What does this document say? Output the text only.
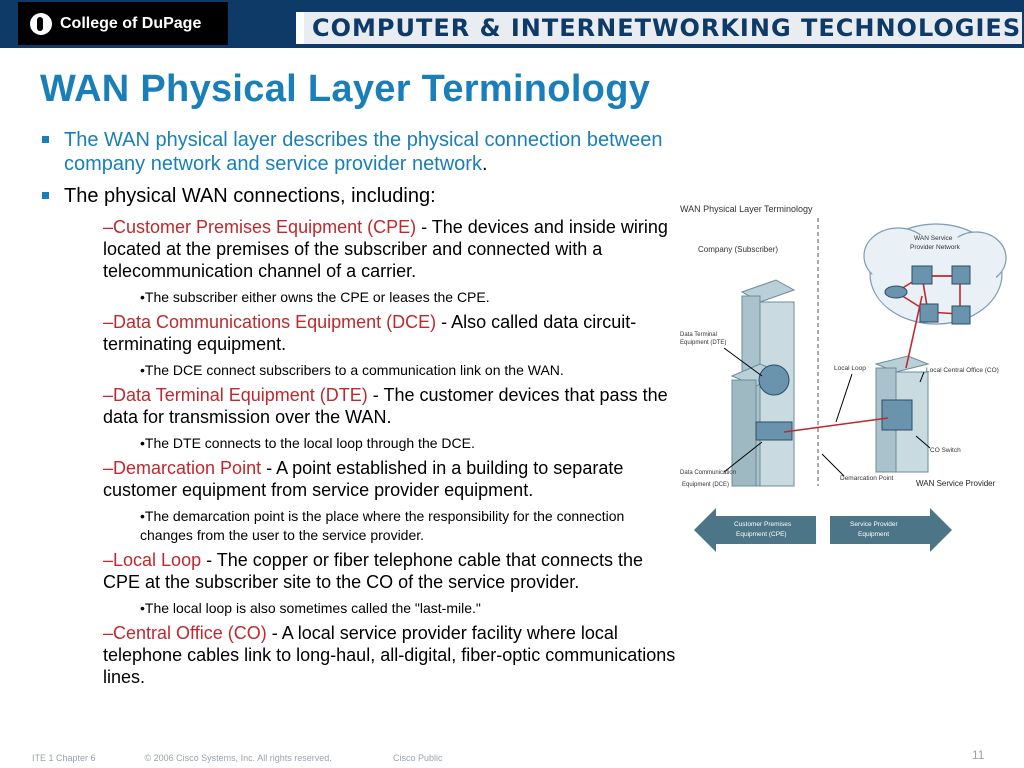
College of DuPage	COMPUTER & INTERNETWORKING TECHNOLOGIES
WAN Physical Layer Terminology
The WAN physical layer describes the physical connection between company network and service provider network.
The physical WAN connections, including:
–Customer Premises Equipment (CPE) - The devices and inside wiring located at the premises of the subscriber and connected with a telecommunication channel of a carrier.
•The subscriber either owns the CPE or leases the CPE.
–Data Communications Equipment (DCE) - Also called data circuit-terminating equipment.
•The DCE connect subscribers to a communication link on the WAN.
–Data Terminal Equipment (DTE) - The customer devices that pass the data for transmission over the WAN.
•The DTE connects to the local loop through the DCE.
–Demarcation Point - A point established in a building to separate customer equipment from service provider equipment.
•The demarcation point is the place where the responsibility for the connection changes from the user to the service provider.
–Local Loop - The copper or fiber telephone cable that connects the CPE at the subscriber site to the CO of the service provider.
•The local loop is also sometimes called the "last-mile."
–Central Office (CO) - A local service provider facility where local telephone cables link to long-haul, all-digital, fiber-optic communications lines.
WAN Physical Layer Terminology
Company (Subscriber)
WAN Service
Provider Network
Data Terminal
Equipment (DTE)
Local Loop	Local Central Office (CO)
CO Switch
Data Communication
Equipment (DCE)
Demarcation Point
WAN Service Provider
Customer Premises
Equipment (CPE)
Service Provider
Equipment
ITE 1 Chapter 6	© 2006 Cisco Systems, Inc. All rights reserved.	Cisco Public	11
